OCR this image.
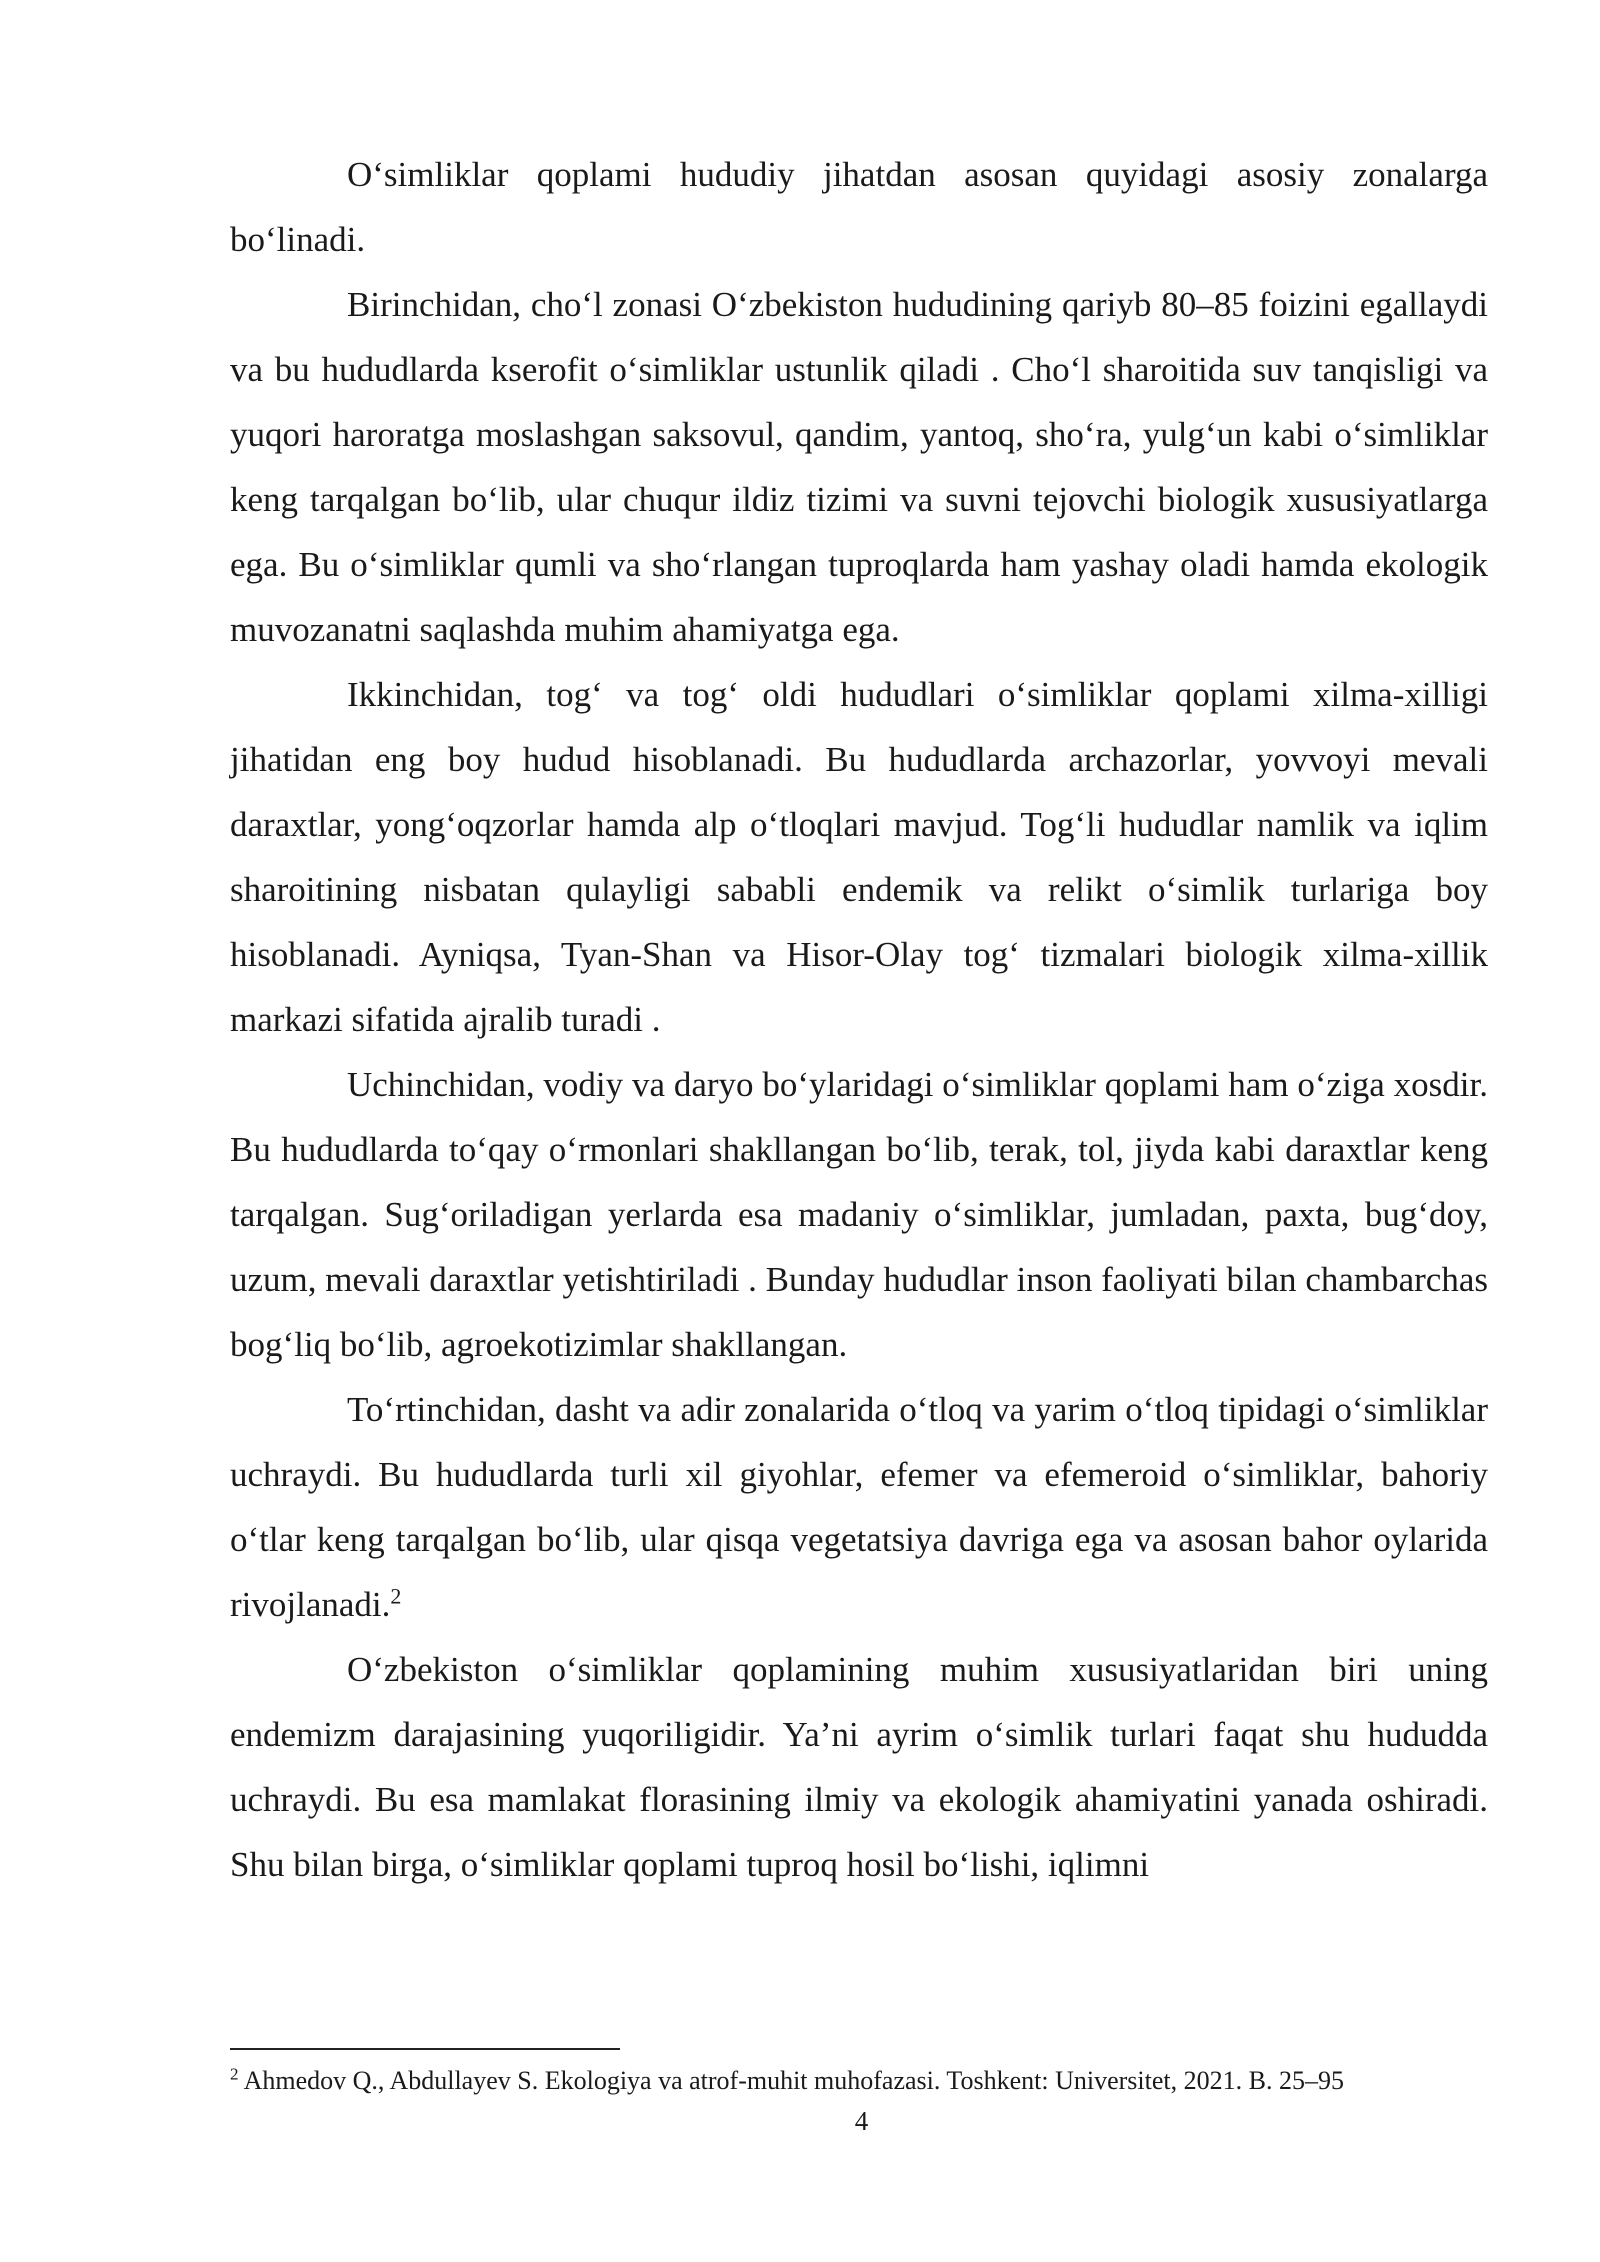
O‘simliklar qoplami hududiy jihatdan asosan quyidagi asosiy zonalarga bo‘linadi.

Birinchidan, cho‘l zonasi O‘zbekiston hududining qariyb 80–85 foizini egallaydi va bu hududlarda kserofit o‘simliklar ustunlik qiladi . Cho‘l sharoitida suv tanqisligi va yuqori haroratga moslashgan saksovul, qandim, yantoq, sho‘ra, yulg‘un kabi o‘simliklar keng tarqalgan bo‘lib, ular chuqur ildiz tizimi va suvni tejovchi biologik xususiyatlarga ega. Bu o‘simliklar qumli va sho‘rlangan tuproqlarda ham yashay oladi hamda ekologik muvozanatni saqlashda muhim ahamiyatga ega.

Ikkinchidan, tog‘ va tog‘ oldi hududlari o‘simliklar qoplami xilma-xilligi jihatidan eng boy hudud hisoblanadi. Bu hududlarda archazorlar, yovvoyi mevali daraxtlar, yong‘oqzorlar hamda alp o‘tloqlari mavjud. Tog‘li hududlar namlik va iqlim sharoitining nisbatan qulayligi sababli endemik va relikt o‘simlik turlariga boy hisoblanadi. Ayniqsa, Tyan-Shan va Hisor-Olay tog‘ tizmalari biologik xilma-xillik markazi sifatida ajralib turadi .

Uchinchidan, vodiy va daryo bo‘ylaridagi o‘simliklar qoplami ham o‘ziga xosdir. Bu hududlarda to‘qay o‘rmonlari shakllangan bo‘lib, terak, tol, jiyda kabi daraxtlar keng tarqalgan. Sug‘oriladigan yerlarda esa madaniy o‘simliklar, jumladan, paxta, bug‘doy, uzum, mevali daraxtlar yetishtiriladi . Bunday hududlar inson faoliyati bilan chambarchas bog‘liq bo‘lib, agroekotizimlar shakllangan.

To‘rtinchidan, dasht va adir zonalarida o‘tloq va yarim o‘tloq tipidagi o‘simliklar uchraydi. Bu hududlarda turli xil giyohlar, efemer va efemeroid o‘simliklar, bahoriy o‘tlar keng tarqalgan bo‘lib, ular qisqa vegetatsiya davriga ega va asosan bahor oylarida rivojlanadi.$^2$

O‘zbekiston o‘simliklar qoplamining muhim xususiyatlaridan biri uning endemizm darajasining yuqoriligidir. Ya’ni ayrim o‘simlik turlari faqat shu hududda uchraydi. Bu esa mamlakat florasining ilmiy va ekologik ahamiyatini yanada oshiradi. Shu bilan birga, o‘simliklar qoplami tuproq hosil bo‘lishi, iqlimni

$^2$ Ahmedov Q., Abdullayev S. Ekologiya va atrof-muhit muhofazasi. Toshkent: Universitet, 2021. B. 25–95
4
